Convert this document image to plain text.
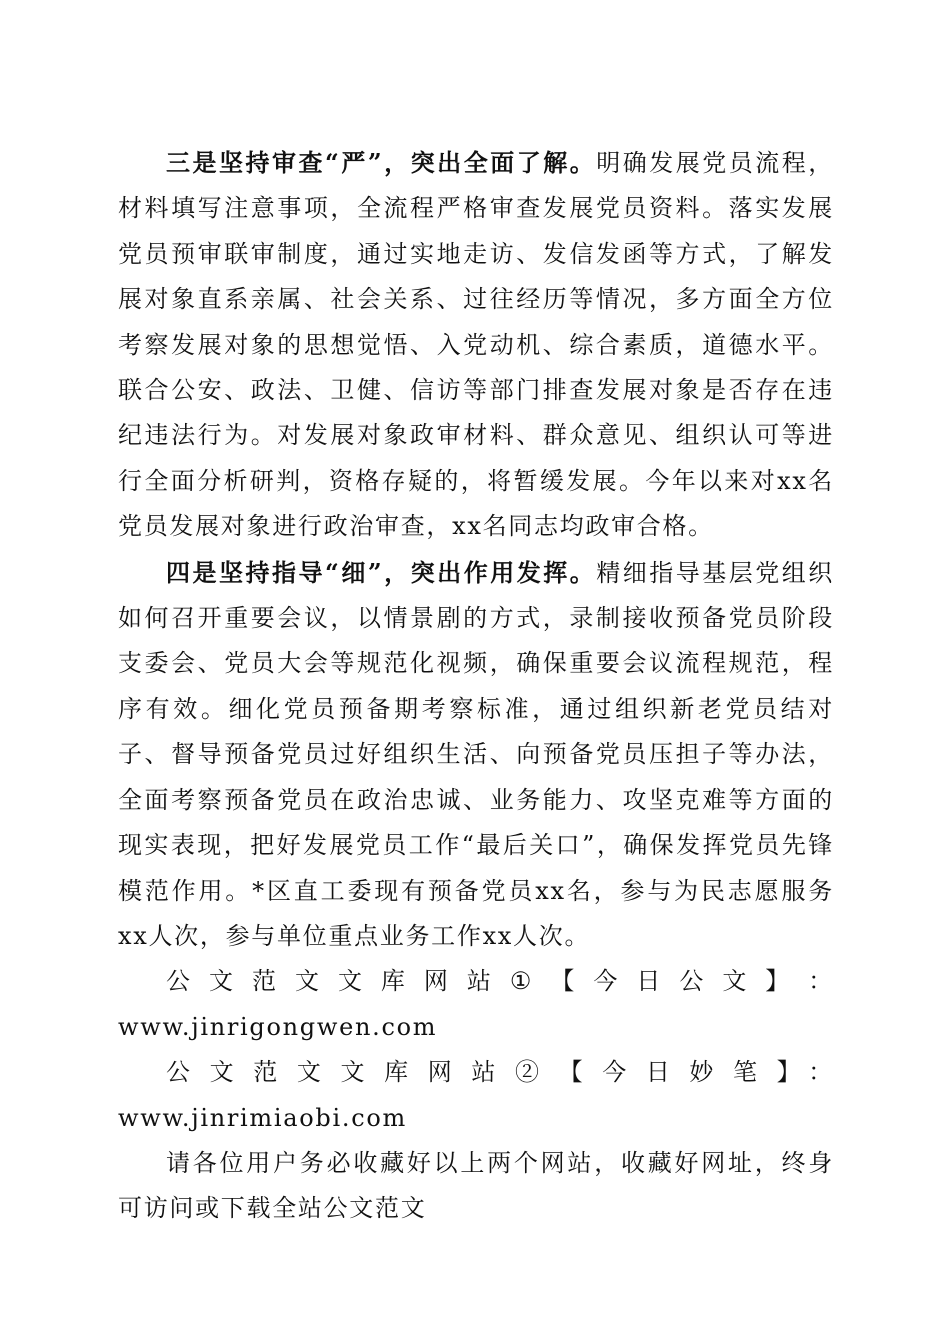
三是坚持审查“严”，突出全面了解。明确发展党员流程，材料填写注意事项，全流程严格审查发展党员资料。落实发展党员预审联审制度，通过实地走访、发信发函等方式，了解发展对象直系亲属、社会关系、过往经历等情况，多方面全方位考察发展对象的思想觉悟、入党动机、综合素质，道德水平。联合公安、政法、卫健、信访等部门排查发展对象是否存在违纪违法行为。对发展对象政审材料、群众意见、组织认可等进行全面分析研判，资格存疑的，将暂缓发展。今年以来对xx名党员发展对象进行政治审查，xx名同志均政审合格。

四是坚持指导“细”，突出作用发挥。精细指导基层党组织如何召开重要会议，以情景剧的方式，录制接收预备党员阶段支委会、党员大会等规范化视频，确保重要会议流程规范，程序有效。细化党员预备期考察标准，通过组织新老党员结对子、督导预备党员过好组织生活、向预备党员压担子等办法，全面考察预备党员在政治忠诚、业务能力、攻坚克难等方面的现实表现，把好发展党员工作“最后关口”，确保发挥党员先锋模范作用。*区直工委现有预备党员xx名，参与为民志愿服务xx人次，参与单位重点业务工作xx人次。

公 文 范 文 文 库 网 站 ① 【 今 日 公 文 】 ：

www.jinrigongwen.com

公文范文文库网站②【今日妙笔】：www.jinrimiaobi.com

请各位用户务必收藏好以上两个网站，收藏好网址，终身可访问或下载全站公文范文
